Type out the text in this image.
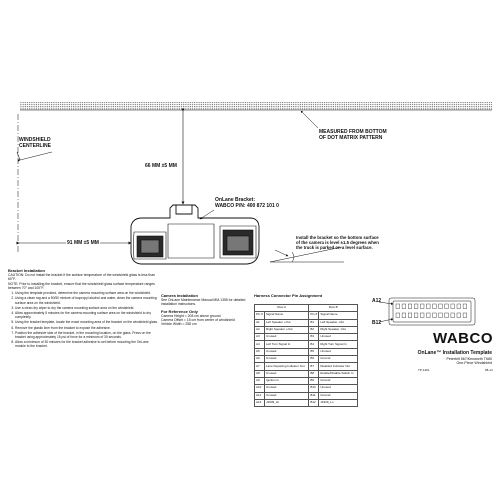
WINDSHIELD
CENTERLINE
MEASURED FROM BOTTOM
OF DOT MATRIX PATTERN
66 MM ±5 MM
91 MM ±5 MM
OnLane Bracket:
WABCO P/N: 400 872 101 0
Install the bracket so the bottom surface
of the camera is level ±1.5 degrees when
the truck is parked on a level surface.
Bracket Installation
CAUTION: Do not install the bracket if the surface temperature of the windshield glass is less than 60°F.
NOTE: Prior to installing the bracket, ensure that the windshield glass surface temperature ranges between 70° and 100°F.
1. Using the template provided, determine the camera mounting surface area on the windshield.
2. Using a clean rag and a 50/50 mixture of isopropyl alcohol and water, clean the camera mounting surface area on the windshield.
3. Use a clean dry wiper to dry the camera mounting surface area on the windshield.
4. Allow approximately 5 minutes for the camera mounting surface area on the windshield to dry completely.
5. Using the bracket template, locate the exact mounting area of the bracket on the windshield glass.
6. Remove the plastic liner from the bracket to expose the adhesive.
7. Position the adhesive side of the bracket, in the mounting location, on the glass. Press on the bracket using approximately 15 psi of force for a minimum of 30 seconds.
8. Allow a minimum of 30 minutes for the bracket adhesive to set before mounting the OnLane module to the bracket.
Camera Installation
See OnLane Maintenance Manual MM-1355 for detailed installation instructions.
For Reference Only
Camera Height = 208 cm above ground
Camera Offset = 15 cm from center of windshield
Vehicle Width = 258 cm
Harness Connector Pin Assignment
Row A		Row B	
Pin #	Signal Name	Pin #	Signal Name
A1	Left Speaker +Out	B1	Left Speaker -Out
A2	Right Speaker +Out	B2	Right Speaker -Out
A3	Unused	B3	Unused
A4	Left Turn Signal In	B4	Right Turn Signal In
A5	Unused	B5	Unused
A6	Unused	B6	Ground
A7	Lane Departing Indicator Out	B7	Disabled Indicator Out
A8	Unused	B8	Enable/Disable Switch In
A9	Ignition In	B9	Ground
A10	Unused	B10	Unused
A11	Unused	B11	Ground
A12	J1939_Hi	B12	J1939_Lo
A12
B12
WABCO
OnLane™ Installation Template
Peterbilt 567/Kenworth T680
One-Piece Windshield
TP-1461	08-14
